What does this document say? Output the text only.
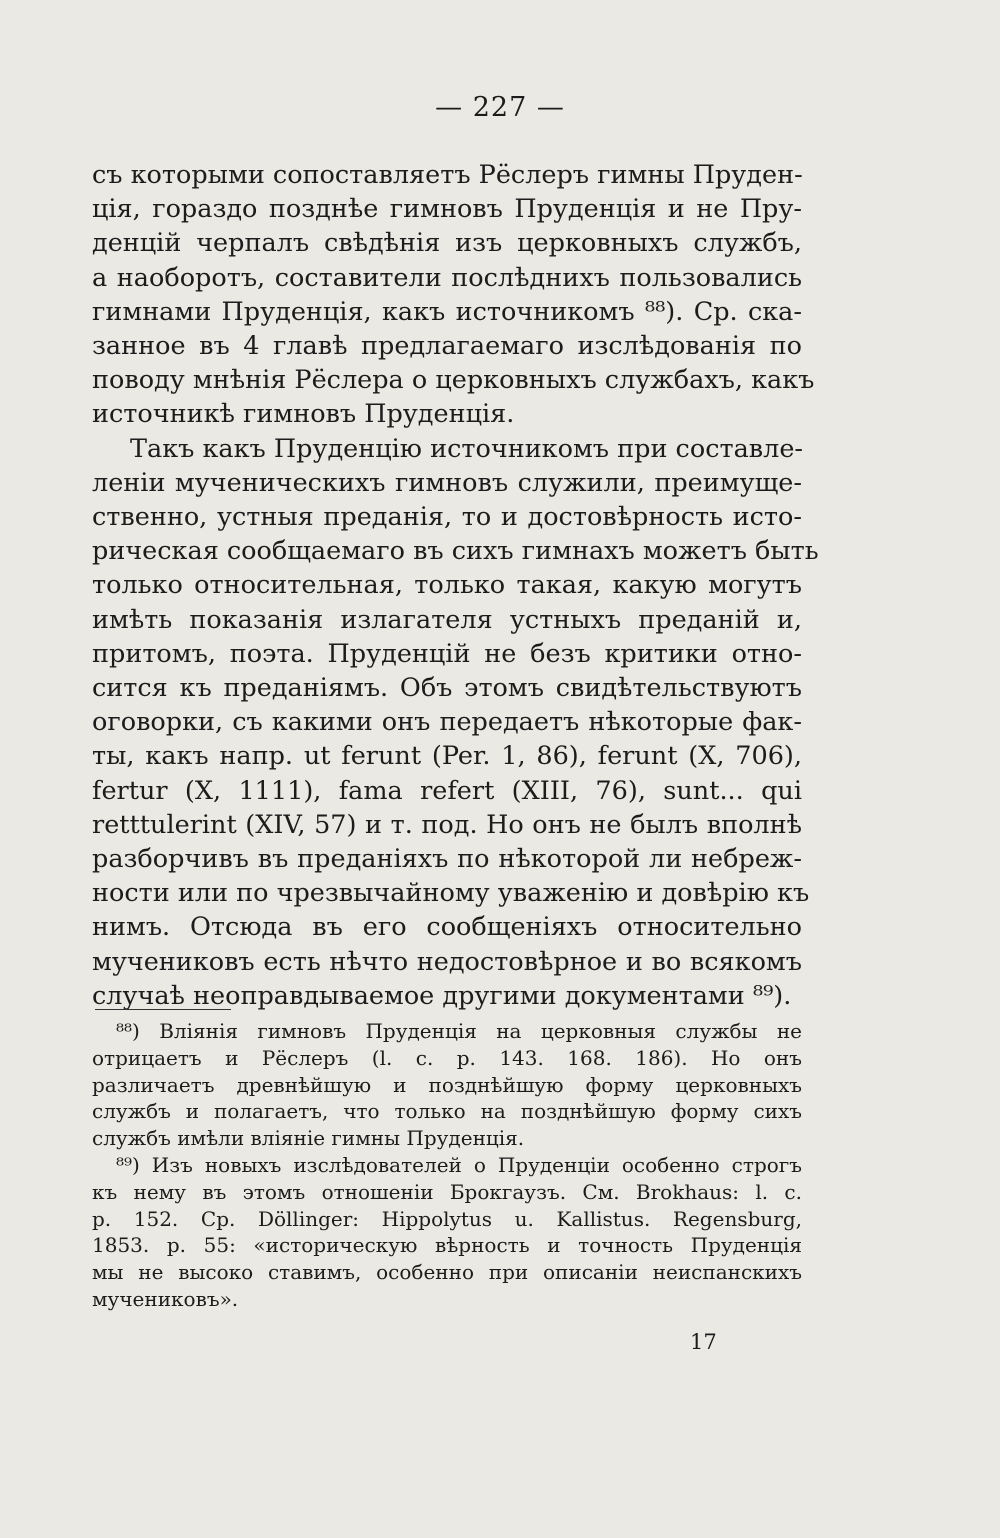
— 227 —
съ которыми сопоставляетъ Рёслеръ гимны Пруден-
ція, гораздо позднѣе гимновъ Пруденція и не Пру-
денцій черпалъ свѣдѣнія изъ церковныхъ службъ,
а наоборотъ, составители послѣднихъ пользовались
гимнами Пруденція, какъ источникомъ ⁸⁸). Ср. ска-
занное въ 4 главѣ предлагаемаго изслѣдованія по
поводу мнѣнія Рёслера о церковныхъ службахъ, какъ
источникѣ гимновъ Пруденція.
Такъ какъ Пруденцію источникомъ при составле-
леніи мученическихъ гимновъ служили, преимуще-
ственно, устныя преданія, то и достовѣрность исто-
рическая сообщаемаго въ сихъ гимнахъ можетъ быть
только относительная, только такая, какую могутъ
имѣть показанія излагателя устныхъ преданій и,
притомъ, поэта. Пруденцій не безъ критики отно-
сится къ преданіямъ. Объ этомъ свидѣтельствуютъ
оговорки, съ какими онъ передаетъ нѣкоторые фак-
ты, какъ напр. ut ferunt (Per. 1, 86), ferunt (X, 706),
fertur (X, 1111), fama refert (XIII, 76), sunt... qui
retttulerint (XIV, 57) и т. под. Но онъ не былъ вполнѣ
разборчивъ въ преданіяхъ по нѣкоторой ли небреж-
ности или по чрезвычайному уваженію и довѣрію къ
нимъ. Отсюда въ его сообщеніяхъ относительно
мучениковъ есть нѣчто недостовѣрное и во всякомъ
случаѣ неоправдываемое другими документами ⁸⁹).
⁸⁸) Вліянія гимновъ Пруденція на церковныя службы не
отрицаетъ и Рёслеръ (l. c. p. 143. 168. 186). Но онъ
различаетъ древнѣйшую и позднѣйшую форму церковныхъ
службъ и полагаетъ, что только на позднѣйшую форму сихъ
службъ имѣли вліяніе гимны Пруденція.
⁸⁹) Изъ новыхъ изслѣдователей о Пруденціи особенно строгъ
къ нему въ этомъ отношеніи Брокгаузъ. См. Brokhaus: l. c.
p. 152. Ср. Döllinger: Hippolytus u. Kallistus. Regensburg,
1853. p. 55: «историческую вѣрность и точность Пруденція
мы не высоко ставимъ, особенно при описаніи неиспанскихъ
мучениковъ».
17
